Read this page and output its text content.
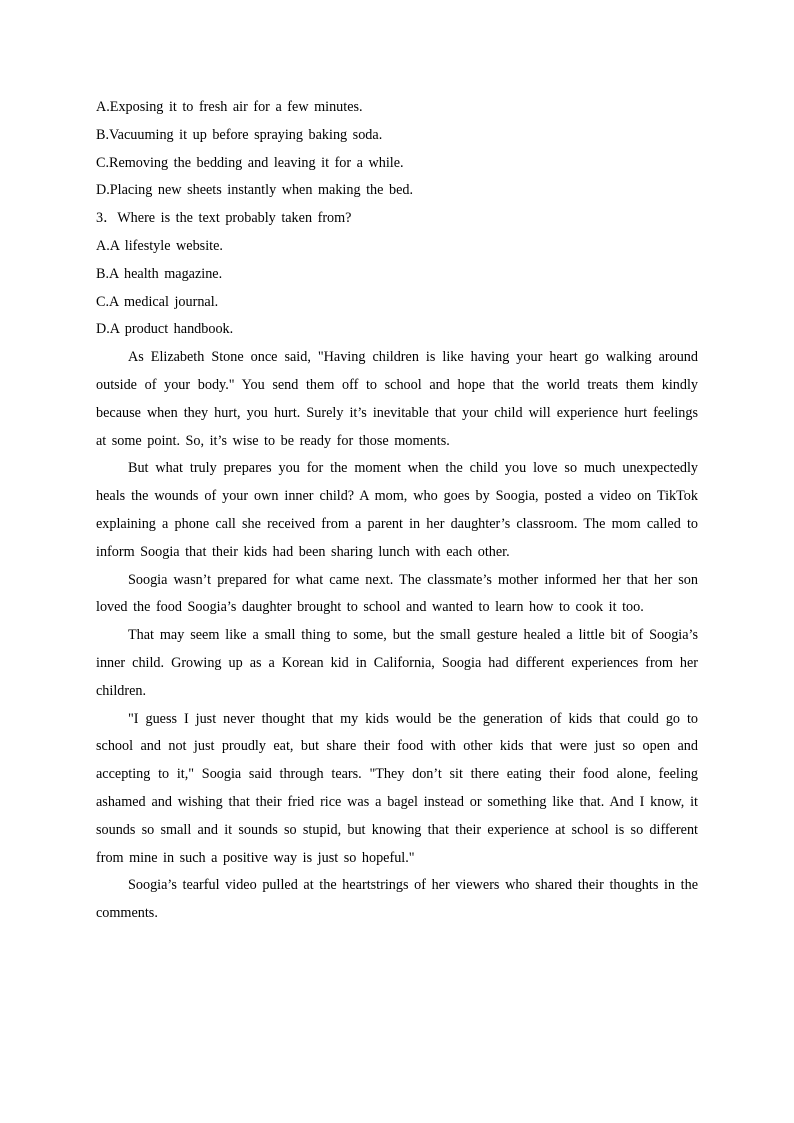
A.Exposing it to fresh air for a few minutes.

B.Vacuuming it up before spraying baking soda.

C.Removing the bedding and leaving it for a while.

D.Placing new sheets instantly when making the bed.

3．Where is the text probably taken from?

A.A lifestyle website.

B.A health magazine.

C.A medical journal.

D.A product handbook.

As Elizabeth Stone once said, "Having children is like having your heart go walking around outside of your body." You send them off to school and hope that the world treats them kindly because when they hurt, you hurt. Surely it’s inevitable that your child will experience hurt feelings at some point. So, it’s wise to be ready for those moments.

But what truly prepares you for the moment when the child you love so much unexpectedly heals the wounds of your own inner child? A mom, who goes by Soogia, posted a video on TikTok explaining a phone call she received from a parent in her daughter’s classroom. The mom called to inform Soogia that their kids had been sharing lunch with each other.

Soogia wasn’t prepared for what came next. The classmate’s mother informed her that her son loved the food Soogia’s daughter brought to school and wanted to learn how to cook it too.

That may seem like a small thing to some, but the small gesture healed a little bit of Soogia’s inner child. Growing up as a Korean kid in California, Soogia had different experiences from her children.

"I guess I just never thought that my kids would be the generation of kids that could go to school and not just proudly eat, but share their food with other kids that were just so open and accepting to it," Soogia said through tears. "They don’t sit there eating their food alone, feeling ashamed and wishing that their fried rice was a bagel instead or something like that. And I know, it sounds so small and it sounds so stupid, but knowing that their experience at school is so different from mine in such a positive way is just so hopeful."

Soogia’s tearful video pulled at the heartstrings of her viewers who shared their thoughts in the comments.
